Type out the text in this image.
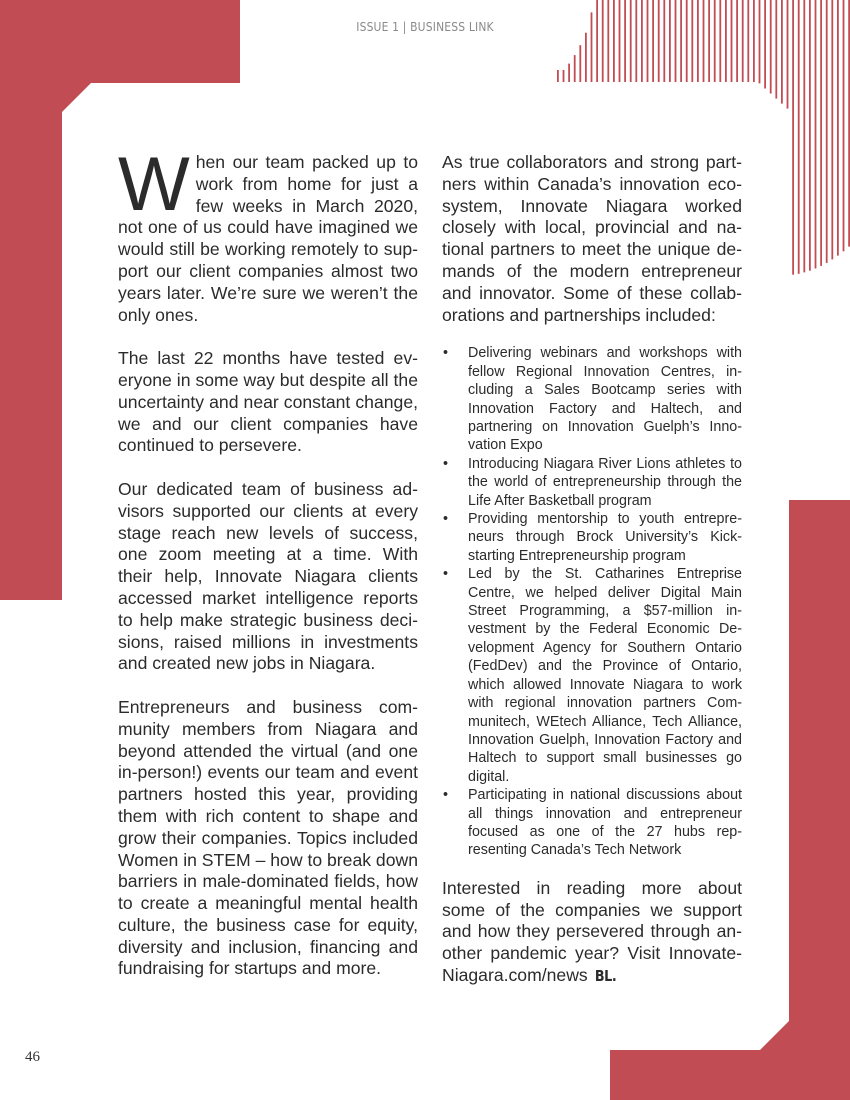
ISSUE 1 | BUSINESS LINK

When our team packed up to work from home for just a few weeks in March 2020, not one of us could have imagined we would still be working remotely to support our client companies almost two years later. We’re sure we weren’t the only ones.

The last 22 months have tested everyone in some way but despite all the uncertainty and near constant change, we and our client companies have continued to persevere.

Our dedicated team of business advisors supported our clients at every stage reach new levels of success, one zoom meeting at a time. With their help, Innovate Niagara clients accessed market intelligence reports to help make strategic business decisions, raised millions in investments and created new jobs in Niagara.

Entrepreneurs and business community members from Niagara and beyond attended the virtual (and one in-person!) events our team and event partners hosted this year, providing them with rich content to shape and grow their companies. Topics included Women in STEM – how to break down barriers in male-dominated fields, how to create a meaningful mental health culture, the business case for equity, diversity and inclusion, financing and fundraising for startups and more.

As true collaborators and strong partners within Canada’s innovation ecosystem, Innovate Niagara worked closely with local, provincial and national partners to meet the unique demands of the modern entrepreneur and innovator. Some of these collaborations and partnerships included:

• Delivering webinars and workshops with fellow Regional Innovation Centres, including a Sales Bootcamp series with Innovation Factory and Haltech, and partnering on Innovation Guelph’s Innovation Expo
• Introducing Niagara River Lions athletes to the world of entrepreneurship through the Life After Basketball program
• Providing mentorship to youth entrepreneurs through Brock University’s Kickstarting Entrepreneurship program
• Led by the St. Catharines Entreprise Centre, we helped deliver Digital Main Street Programming, a $57-million investment by the Federal Economic Development Agency for Southern Ontario (FedDev) and the Province of Ontario, which allowed Innovate Niagara to work with regional innovation partners Communitech, WEtech Alliance, Tech Alliance, Innovation Guelph, Innovation Factory and Haltech to support small businesses go digital.
• Participating in national discussions about all things innovation and entrepreneur focused as one of the 27 hubs representing Canada’s Tech Network

Interested in reading more about some of the companies we support and how they persevered through another pandemic year? Visit Innovate-Niagara.com/news BL.

46
